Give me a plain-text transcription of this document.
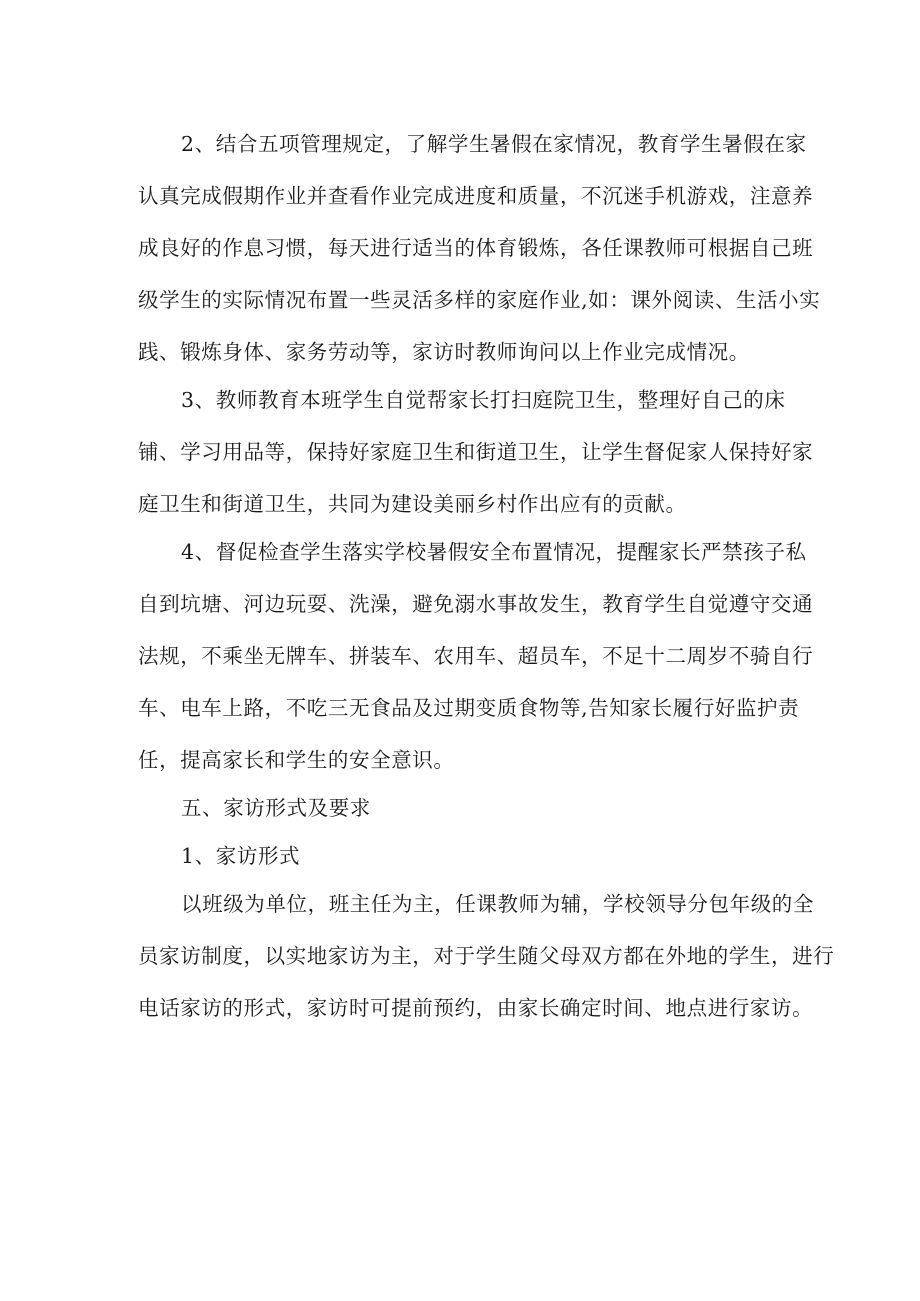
2、结合五项管理规定，了解学生暑假在家情况，教育学生暑假在家
认真完成假期作业并查看作业完成进度和质量，不沉迷手机游戏，注意养
成良好的作息习惯，每天进行适当的体育锻炼，各任课教师可根据自己班
级学生的实际情况布置一些灵活多样的家庭作业,如：课外阅读、生活小实
践、锻炼身体、家务劳动等，家访时教师询问以上作业完成情况。
3、教师教育本班学生自觉帮家长打扫庭院卫生，整理好自己的床
铺、学习用品等，保持好家庭卫生和街道卫生，让学生督促家人保持好家
庭卫生和街道卫生，共同为建设美丽乡村作出应有的贡献。
4、督促检查学生落实学校暑假安全布置情况，提醒家长严禁孩子私
自到坑塘、河边玩耍、洗澡，避免溺水事故发生，教育学生自觉遵守交通
法规，不乘坐无牌车、拼装车、农用车、超员车，不足十二周岁不骑自行
车、电车上路，不吃三无食品及过期变质食物等,告知家长履行好监护责
任，提高家长和学生的安全意识。
五、家访形式及要求
1、家访形式
以班级为单位，班主任为主，任课教师为辅，学校领导分包年级的全
员家访制度，以实地家访为主，对于学生随父母双方都在外地的学生，进行
电话家访的形式，家访时可提前预约，由家长确定时间、地点进行家访。
